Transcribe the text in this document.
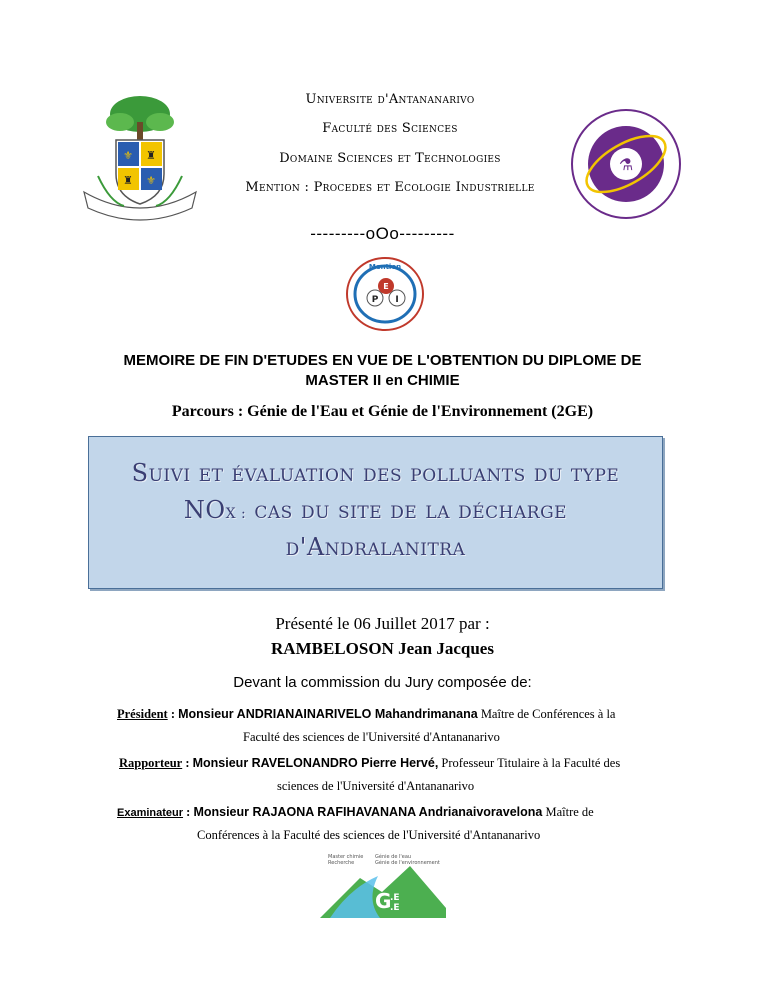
⚜ ♜
♜ ⚜
Universite d'Antananarivo
Faculté des Sciences
Domaine Sciences et Technologies
Mention : Procedes et Ecologie Industrielle
⚗
---------oOo---------
P I
E
Mention
MEMOIRE DE FIN D'ETUDES EN VUE DE L'OBTENTION DU DIPLOME DE
MASTER II en CHIMIE
Parcours : Génie de l'Eau et Génie de l'Environnement (2GE)
Suivi et évaluation des polluants du type
NOX : cas du site de la décharge
d'Andralanitra
Présenté le 06 Juillet 2017 par :
RAMBELOSON Jean Jacques
Devant la commission du Jury composée de:
Président : Monsieur ANDRIANAINARIVELO Mahandrimanana Maître de Conférences à la
Faculté des sciences de l'Université d'Antananarivo
Rapporteur : Monsieur RAVELONANDRO Pierre Hervé, Professeur Titulaire à la Faculté des
sciences de l'Université d'Antananarivo
Examinateur : Monsieur RAJAONA RAFIHAVANANA Andrianaivoravelona Maître de
Conférences à la Faculté des sciences de l'Université d'Antananarivo
Master chimie
Recherche
Génie de l'eau
Génie de l'environnement
G
.E
.E
